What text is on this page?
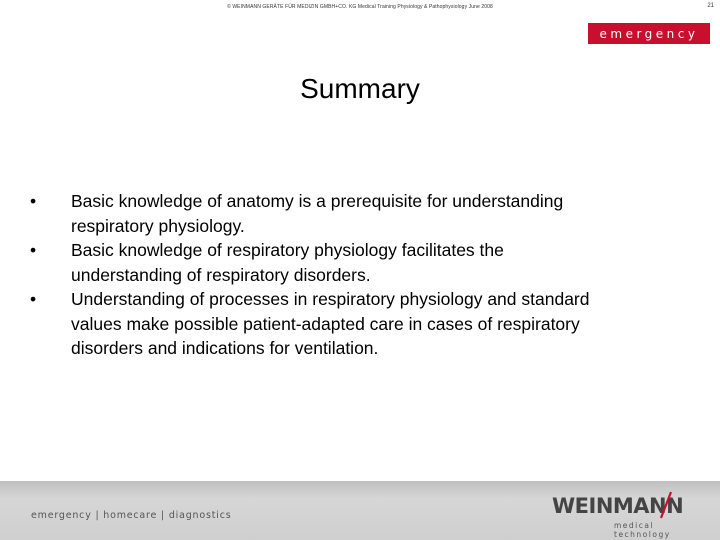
© WEINMANN GERÄTE FÜR MEDIZIN GMBH+CO. KG Medical Training Physiology & Pathophysiology June 2008	21
emergency
Summary
•	Basic knowledge of anatomy is a prerequisite for understanding
respiratory physiology.
•	Basic knowledge of respiratory physiology facilitates the
understanding of respiratory disorders.
•	Understanding of processes in respiratory physiology and standard
values make possible patient-adapted care in cases of respiratory
disorders and indications for ventilation.
emergency | homecare | diagnostics	WEINMANN
medical technology
